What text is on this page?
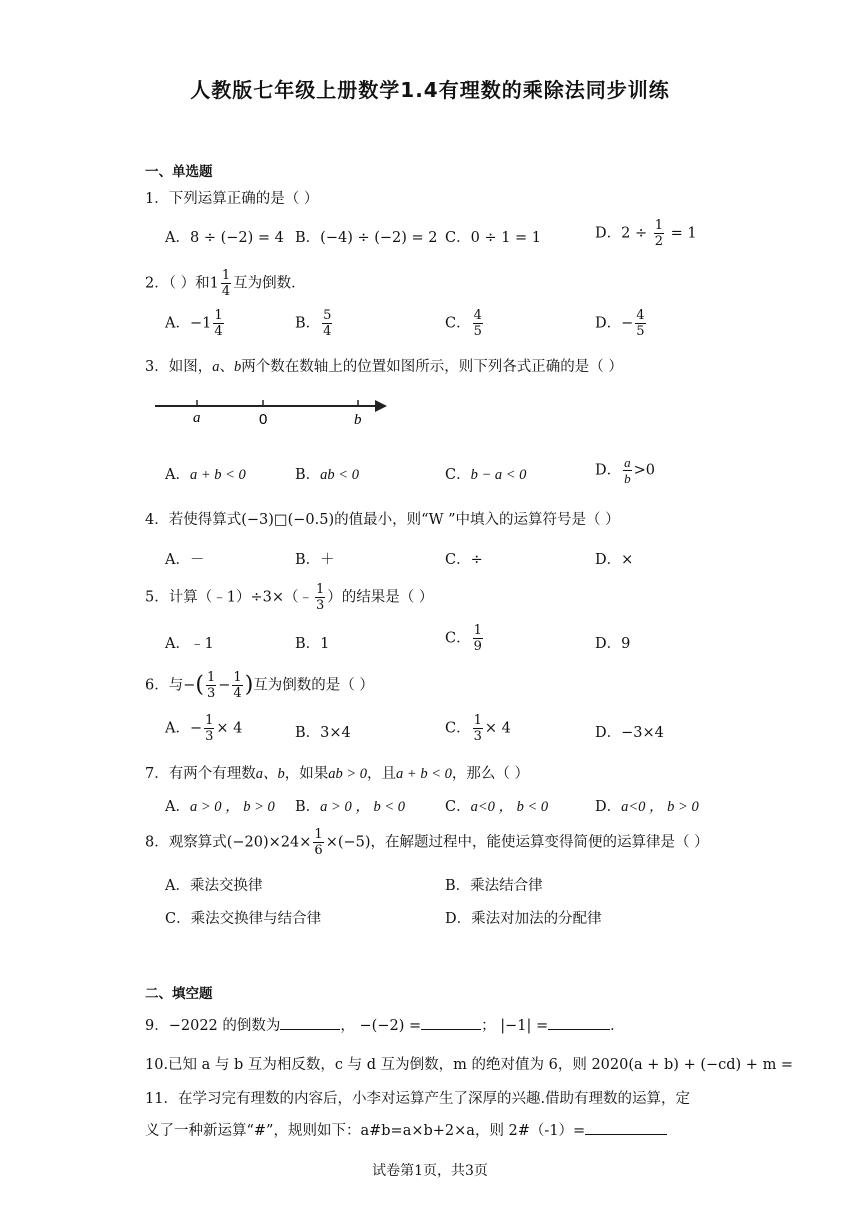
人教版七年级上册数学1.4有理数的乘除法同步训练
一、单选题
1．下列运算正确的是（ ）
A．8 ÷ (−2) = 4 B．(−4) ÷ (−2) = 2 C．0 ÷ 1 = 1	D．$2 \div \frac{1}{2} = 1$
2．（ ）和$1 \frac{1}{4}$ 互为倒数．
A．$-1 \frac{1}{4}$	B． $\frac{5}{4}$	C． $\frac{4}{5}$	D．− $\frac{4}{5}$
3．如图，a、b两个数在数轴上的位置如图所示，则下列各式正确的是（ ）
a	0	b
A．a + b < 0	B．ab < 0	C．b − a < 0	D． $\frac{a}{b} >0$
4．若使得算式(−3)□(−0.5)的值最小，则“W ”中填入的运算符号是（ ）
A．－	B．＋	C．÷	D．×
5．计算（﹣1）÷3×（﹣ $\frac{1}{3}$ ）的结果是（ ）
A．﹣1	B．1	C． $\frac{1}{9}$	D．9
6．与−( $\frac{1}{3} - \frac{1}{4}$ )互为倒数的是（ ）
A．− $\frac{1}{3} \times 4$	B．3×4	C． $\frac{1}{3} \times 4$	D．−3×4
7．有两个有理数a、b，如果ab > 0，且a + b < 0，那么（ ）
A．a > 0 ， b > 0 B．a > 0 ， b < 0	C．a<0 ， b < 0	D．a<0 ， b > 0
8．观察算式$(-20)\times 24\times \frac{1}{6} \times(-5)$，在解题过程中，能使运算变得简便的运算律是（ ）
A．乘法交换律	B．乘法结合律
C．乘法交换律与结合律	D．乘法对加法的分配律
二、填空题
9．−2022 的倒数为	， −(−2) =	； |−1| =	．
10.已知 a 与 b 互为相反数，c 与 d 互为倒数，m 的绝对值为 6，则 2020(a + b) + (−cd) + m =
11．在学习完有理数的内容后，小李对运算产生了深厚的兴趣.借助有理数的运算，定
义了一种新运算“#”，规则如下：a#b=a×b+2×a，则 2#（-1）=
试卷第1页，共3页
